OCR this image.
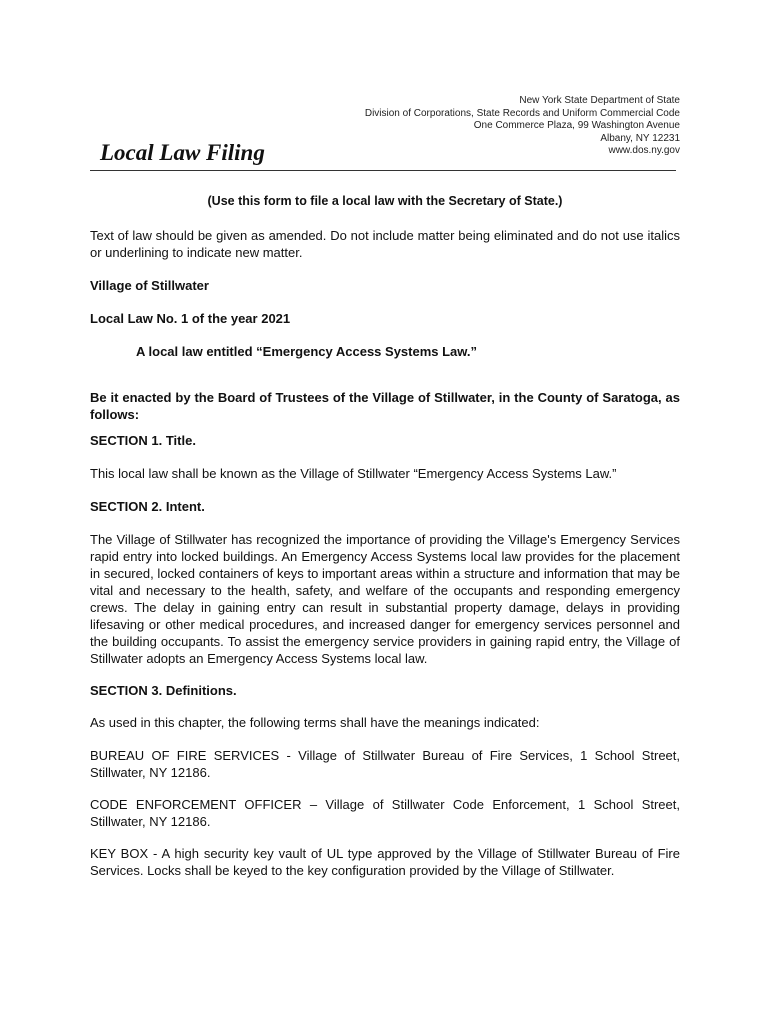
New York State Department of State
Division of Corporations, State Records and Uniform Commercial Code
One Commerce Plaza, 99 Washington Avenue
Albany, NY 12231
www.dos.ny.gov
Local Law Filing
(Use this form to file a local law with the Secretary of State.)

Text of law should be given as amended. Do not include matter being eliminated and do not use italics or underlining to indicate new matter.

Village of Stillwater

Local Law No. 1 of the year 2021

A local law entitled “Emergency Access Systems Law.”

Be it enacted by the Board of Trustees of the Village of Stillwater, in the County of Saratoga, as follows:

SECTION 1. Title.

This local law shall be known as the Village of Stillwater “Emergency Access Systems Law.”

SECTION 2. Intent.

The Village of Stillwater has recognized the importance of providing the Village's Emergency Services rapid entry into locked buildings. An Emergency Access Systems local law provides for the placement in secured, locked containers of keys to important areas within a structure and information that may be vital and necessary to the health, safety, and welfare of the occupants and responding emergency crews. The delay in gaining entry can result in substantial property damage, delays in providing lifesaving or other medical procedures, and increased danger for emergency services personnel and the building occupants. To assist the emergency service providers in gaining rapid entry, the Village of Stillwater adopts an Emergency Access Systems local law.

SECTION 3. Definitions.

As used in this chapter, the following terms shall have the meanings indicated:

BUREAU OF FIRE SERVICES - Village of Stillwater Bureau of Fire Services, 1 School Street, Stillwater, NY 12186.

CODE ENFORCEMENT OFFICER – Village of Stillwater Code Enforcement, 1 School Street, Stillwater, NY 12186.

KEY BOX - A high security key vault of UL type approved by the Village of Stillwater Bureau of Fire Services. Locks shall be keyed to the key configuration provided by the Village of Stillwater.
